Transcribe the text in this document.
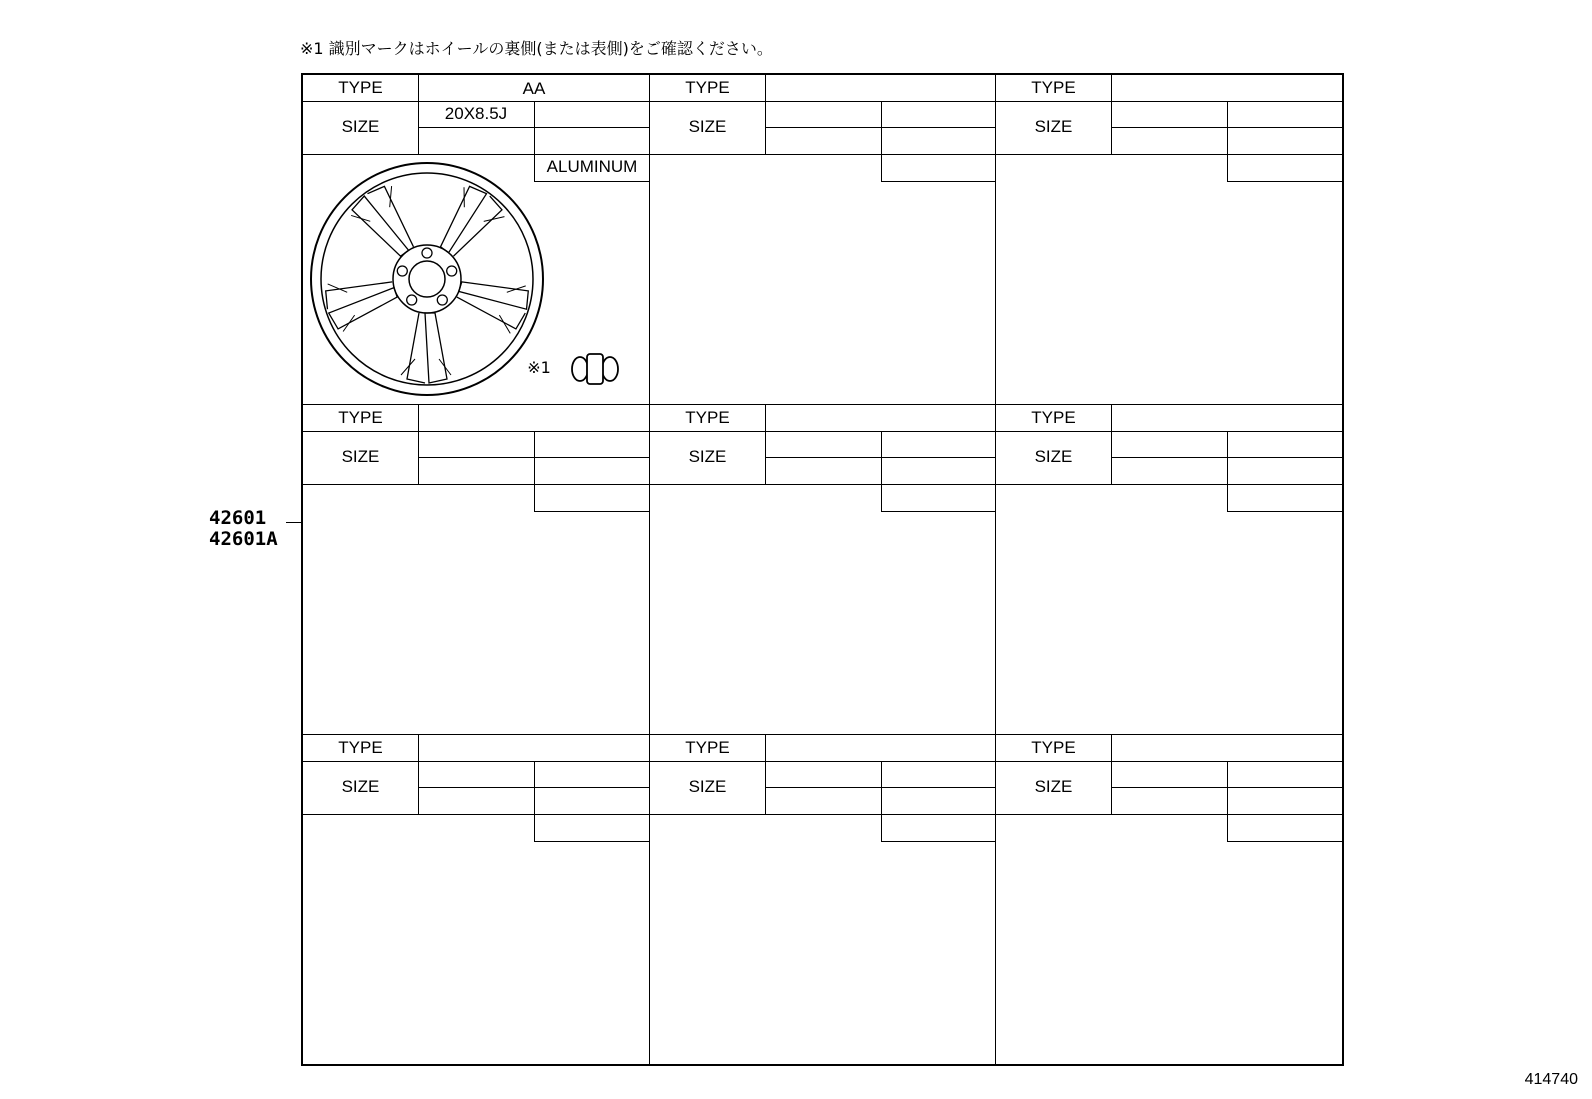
※1 識別マークはホイールの裏側(または表側)をご確認ください。
TYPE
SIZE
AA
20X8.5J
ALUMINUM
※1
TYPE
SIZE
TYPE
SIZE
TYPE
SIZE
TYPE
SIZE
TYPE
SIZE
TYPE
SIZE
TYPE
SIZE
TYPE
SIZE
42601
42601A
414740
